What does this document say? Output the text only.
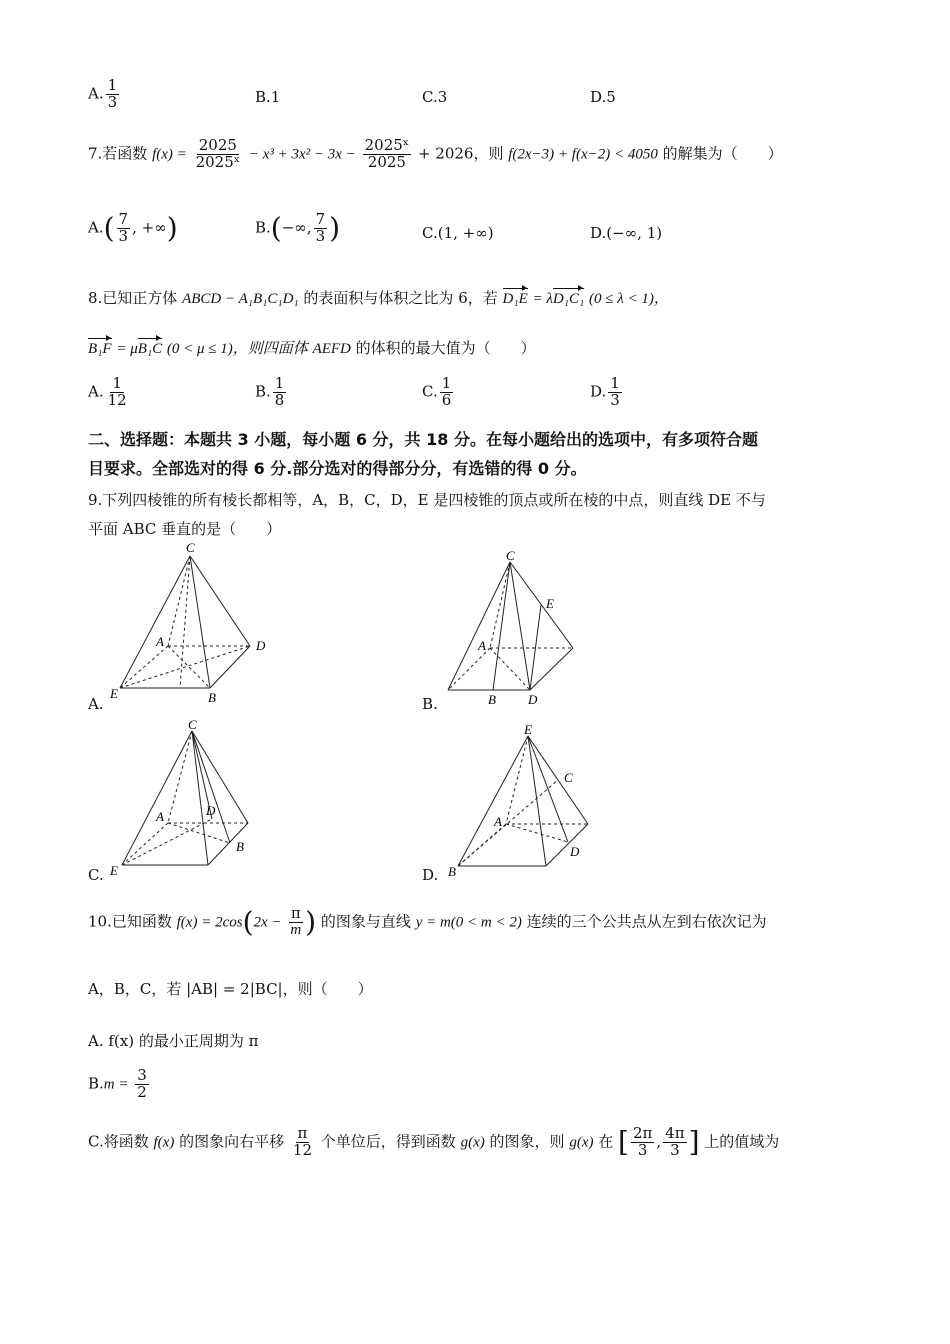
A. $\frac{1}{3}$	B.1	C.3	D.5
7.若函数 $f(x) = \frac{2025}{\text{2025ˣ}} - x^3 + 3x^2 - 3x - \frac{\text{2025ˣ}}{2025} + 2026$，则 f(2x−3) + f(x−2) < 4050 的解集为（　　）
$A.( \frac{7}{3}$ , +∞)	B.(−∞, $\frac{7}{3}$ )	C.(1, +∞)	D.(−∞, 1)
8.已知正方体 ABCD − A₁B₁C₁D₁ 的表面积与体积之比为 6，若 D₁E = λD₁C₁ (0 ≤ λ < 1)，
B₁F = μB₁C (0 < μ ≤ 1)，则四面体 AEFD 的体积的最大值为（　　）
A. $\frac{1}{12}$	B. $\frac{1}{8}$	C. $\frac{1}{6}$	D. $\frac{1}{3}$
二、选择题：本题共 3 小题，每小题 6 分，共 18 分。在每小题给出的选项中，有多项符合题
目要求。全部选对的得 6 分.部分选对的得部分分，有选错的得 0 分。
9.下列四棱锥的所有棱长都相等，A，B，C，D，E 是四棱锥的顶点或所在棱的中点，则直线 DE 不与
平面 ABC 垂直的是（　　）
C
A	D
E	B
A.
C
E
A
B D
B.
C
A	D
B
E
C.
E
C
A
D
B
D.
10.已知函数 $f(x) = 2\cos(2x - \frac{\pi}{m}$ ) 的图象与直线 y = m(0 < m < 2) 连续的三个公共点从左到右依次记为
A，B，C，若 |AB| = 2|BC|，则（　　）
A. f(x) 的最小正周期为 π
$B.m = \frac{3}{2}$
C.将函数 f(x) 的图象向右平移 $\frac{\pi}{12}$ 个单位后，得到函数 g(x) 的图象，则 g(x) 在 [ $\frac{2\pi}{3}$ , $\frac{4\pi}{3}$ ] 上的值域为
